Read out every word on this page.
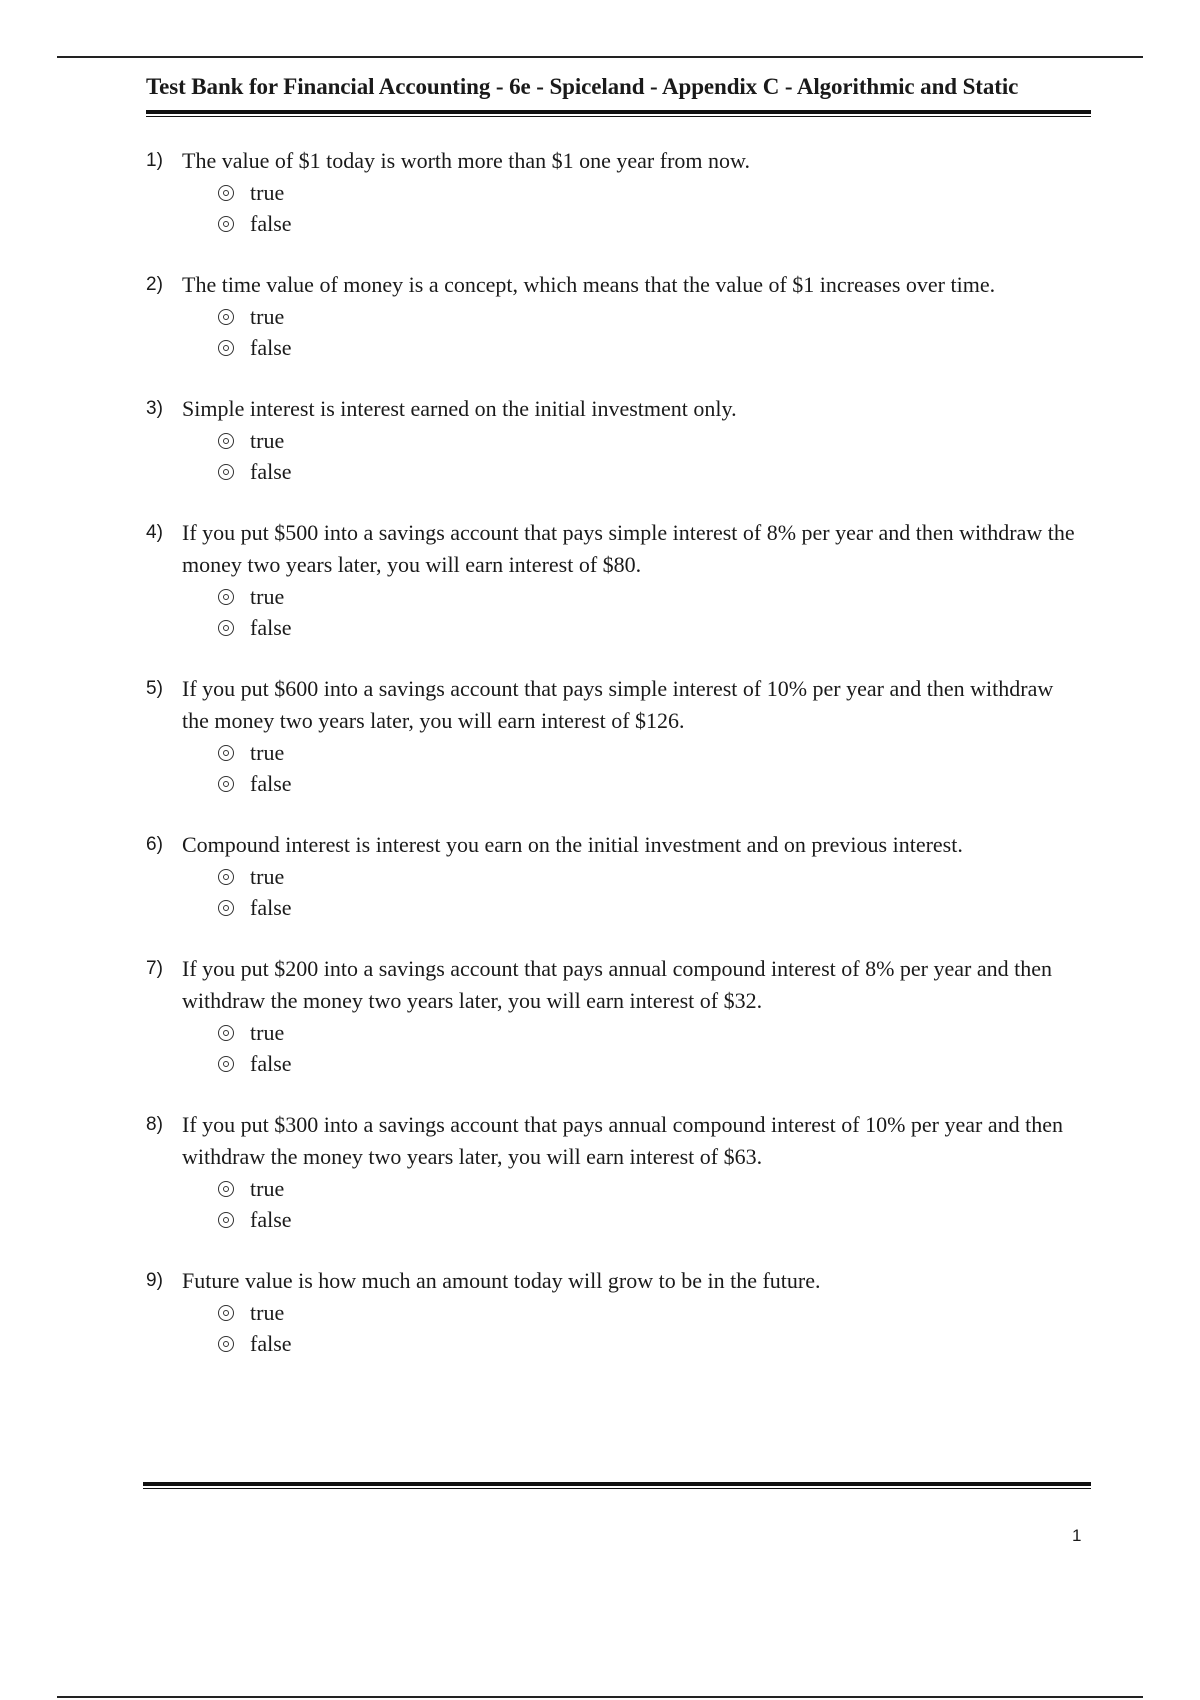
Test Bank for Financial Accounting - 6e - Spiceland - Appendix C - Algorithmic and Static
1) The value of $1 today is worth more than $1 one year from now.
true
false
2) The time value of money is a concept, which means that the value of $1 increases over time.
true
false
3) Simple interest is interest earned on the initial investment only.
true
false
4) If you put $500 into a savings account that pays simple interest of 8% per year and then withdraw the money two years later, you will earn interest of $80.
true
false
5) If you put $600 into a savings account that pays simple interest of 10% per year and then withdraw the money two years later, you will earn interest of $126.
true
false
6) Compound interest is interest you earn on the initial investment and on previous interest.
true
false
7) If you put $200 into a savings account that pays annual compound interest of 8% per year and then withdraw the money two years later, you will earn interest of $32.
true
false
8) If you put $300 into a savings account that pays annual compound interest of 10% per year and then withdraw the money two years later, you will earn interest of $63.
true
false
9) Future value is how much an amount today will grow to be in the future.
true
false
1
